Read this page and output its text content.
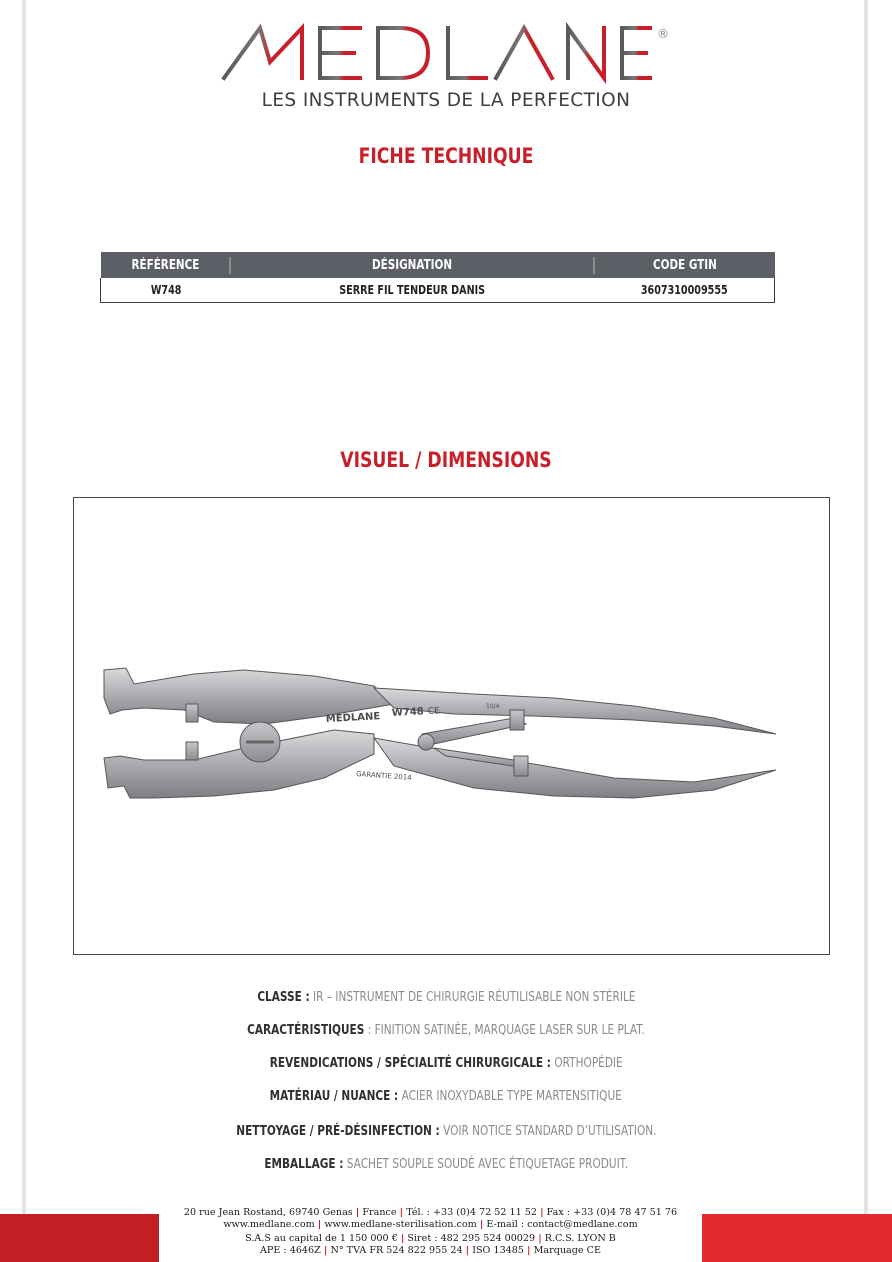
®
LES INSTRUMENTS DE LA PERFECTION
FICHE TECHNIQUE
RÉFÉRENCE	DÉSIGNATION	CODE GTIN
W748	SERRE FIL TENDEUR DANIS	3607310009555
VISUEL / DIMENSIONS
MEDLANE W748 CE	10/4
GARANTIE 2014
CLASSE : IR – INSTRUMENT DE CHIRURGIE RÉUTILISABLE NON STÉRILE
CARACTÉRISTIQUES : FINITION SATINÉE, MARQUAGE LASER SUR LE PLAT.
REVENDICATIONS / SPÉCIALITÉ CHIRURGICALE : ORTHOPÉDIE
MATÉRIAU / NUANCE : ACIER INOXYDABLE TYPE MARTENSITIQUE
NETTOYAGE / PRÉ-DÉSINFECTION : VOIR NOTICE STANDARD D’UTILISATION.
EMBALLAGE : SACHET SOUPLE SOUDÉ AVEC ÉTIQUETAGE PRODUIT.
20 rue Jean Rostand, 69740 Genas | France | Tél. : +33 (0)4 72 52 11 52 | Fax : +33 (0)4 78 47 51 76
www.medlane.com | www.medlane-sterilisation.com | E-mail : contact@medlane.com
S.A.S au capital de 1 150 000 € | Siret : 482 295 524 00029 | R.C.S. LYON B
APE : 4646Z | N° TVA FR 524 822 955 24 | ISO 13485 | Marquage CE
